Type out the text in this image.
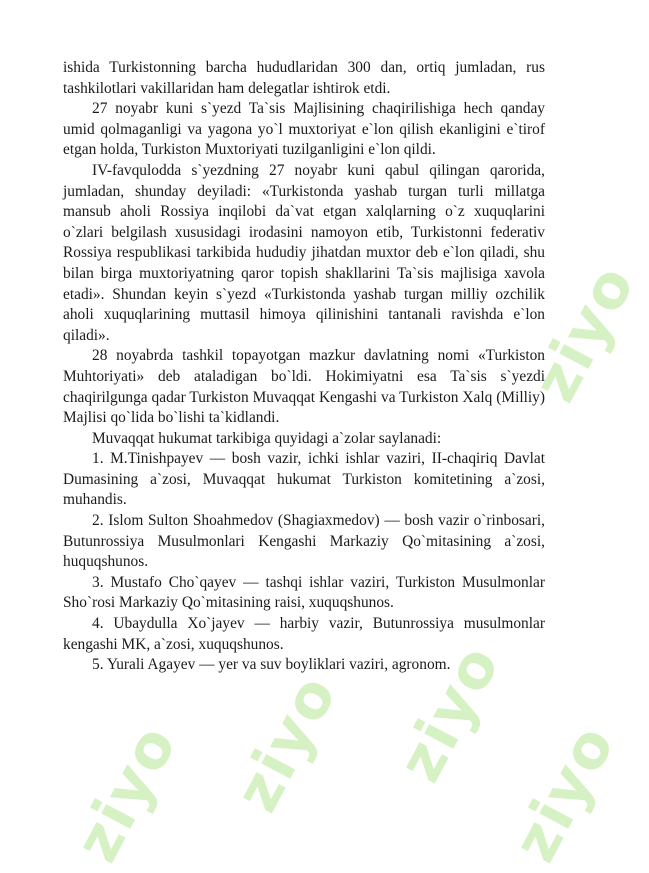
ziyo ziyo ziyo
ziyo
ziyo

ishida Turkistonning barcha hududlaridan 300 dan, ortiq jumladan, rus tashkilotlari vakillaridan ham delegatlar ishtirok etdi.

27 noyabr kuni s`yezd Ta`sis Majlisining chaqirilishiga hech qanday umid qolmaganligi va yagona yo`l muxtoriyat e`lon qilish ekanligini e`tirof etgan holda, Turkiston Muxtoriyati tuzilganligini e`lon qildi.

IV-favqulodda s`yezdning 27 noyabr kuni qabul qilingan qarorida, jumladan, shunday deyiladi: «Turkistonda yashab turgan turli millatga mansub aholi Rossiya inqilobi da`vat etgan xalqlarning o`z xuquqlarini o`zlari belgilash xususidagi irodasini namoyon etib, Turkistonni federativ Rossiya respublikasi tarkibida hududiy jihatdan muxtor deb e`lon qiladi, shu bilan birga muxtoriyatning qaror topish shakllarini Ta`sis majlisiga xavola etadi». Shundan keyin s`yezd «Turkistonda yashab turgan milliy ozchilik aholi xuquqlarining muttasil himoya qilinishini tantanali ravishda e`lon qiladi».

28 noyabrda tashkil topayotgan mazkur davlatning nomi «Turkiston Muhtoriyati» deb ataladigan bo`ldi. Hokimiyatni esa Ta`sis s`yezdi chaqirilgunga qadar Turkiston Muvaqqat Kengashi va Turkiston Xalq (Milliy) Majlisi qo`lida bo`lishi ta`kidlandi.

Muvaqqat hukumat tarkibiga quyidagi a`zolar saylanadi:

1. M.Tinishpayev — bosh vazir, ichki ishlar vaziri, II-chaqiriq Davlat Dumasining a`zosi, Muvaqqat hukumat Turkiston komitetining a`zosi, muhandis.

2. Islom Sulton Shoahmedov (Shagiaxmedov) — bosh vazir o`rinbosari, Butunrossiya Musulmonlari Kengashi Markaziy Qo`mitasining a`zosi, huquqshunos.

3. Mustafo Cho`qayev — tashqi ishlar vaziri, Turkiston Musulmonlar Sho`rosi Markaziy Qo`mitasining raisi, xuquqshunos.

4. Ubaydulla Xo`jayev — harbiy vazir, Butunrossiya musulmonlar kengashi MK, a`zosi, xuquqshunos.

5. Yurali Agayev — yer va suv boyliklari vaziri, agronom.
